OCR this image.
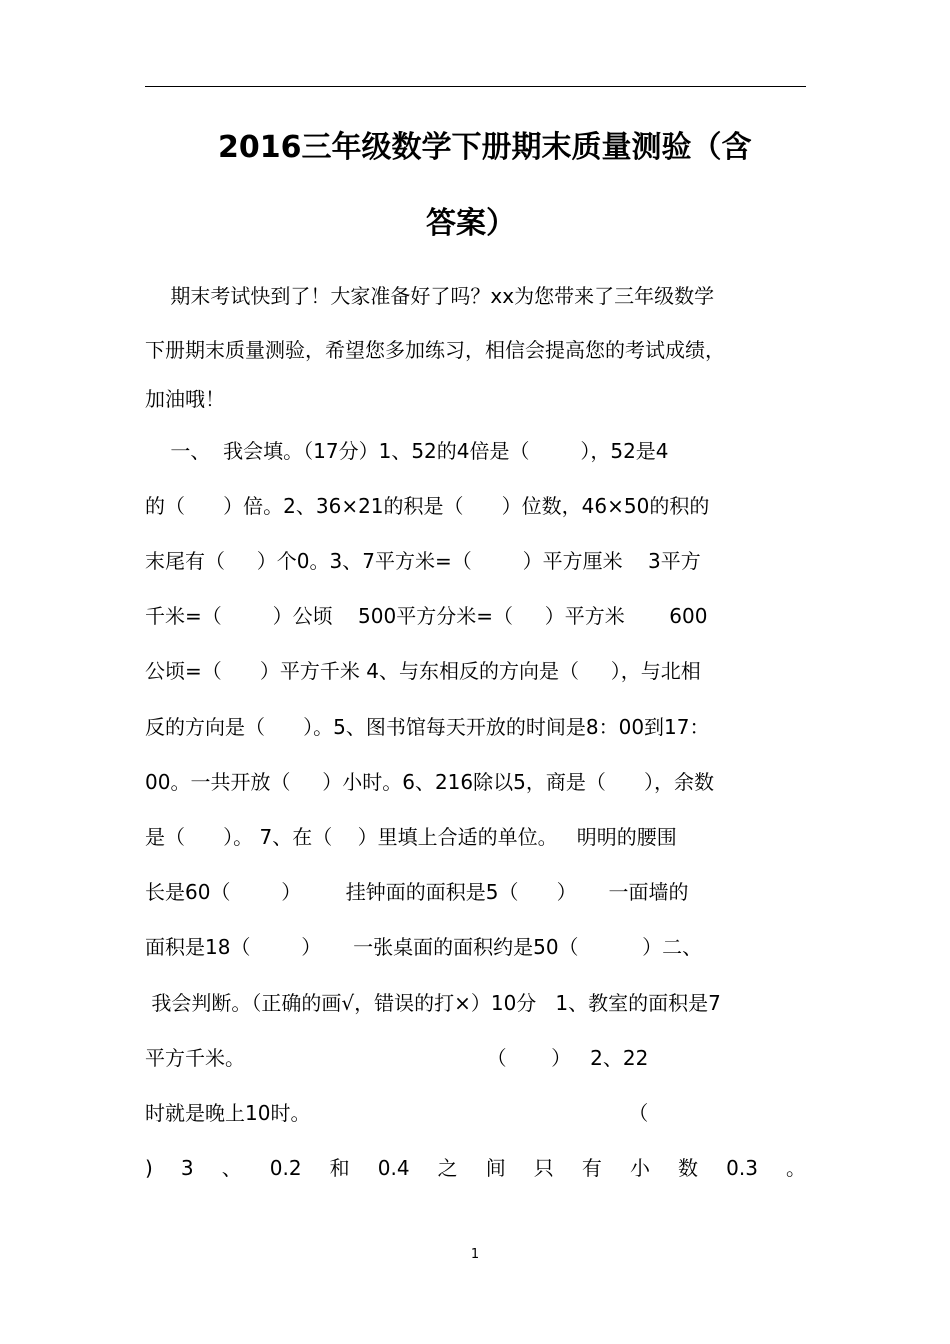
2016三年级数学下册期末质量测验（含
答案）
期末考试快到了！大家准备好了吗？xx为您带来了三年级数学
下册期末质量测验，希望您多加练习，相信会提高您的考试成绩，
加油哦！
一、  我会填。（17分）1、52的4倍是（        ），52是4
的（      ）倍。2、36×21的积是（      ）位数，46×50的积的
末尾有（     ）个0。3、7平方米=（        ）平方厘米    3平方
千米=（        ）公顷    500平方分米=（     ）平方米       600
公顷=（      ）平方千米 4、与东相反的方向是（     ），与北相
反的方向是（      ）。5、图书馆每天开放的时间是8：00到17：
00。一共开放（     ）小时。6、216除以5，商是（      ），余数
是（      ）。 7、在（    ）里填上合适的单位。   明明的腰围
长是60（        ）       挂钟面的面积是5（      ）     一面墙的
面积是18（        ）     一张桌面的面积约是50（          ）二、
我会判断。（正确的画√，错误的打×）10分   1、教室的面积是7
平方千米。                                      （       ）   2、22
时就是晚上10时。                                                  （
) 3 、 0.2 和 0.4 之 间 只 有 小 数 0.3 。
1
